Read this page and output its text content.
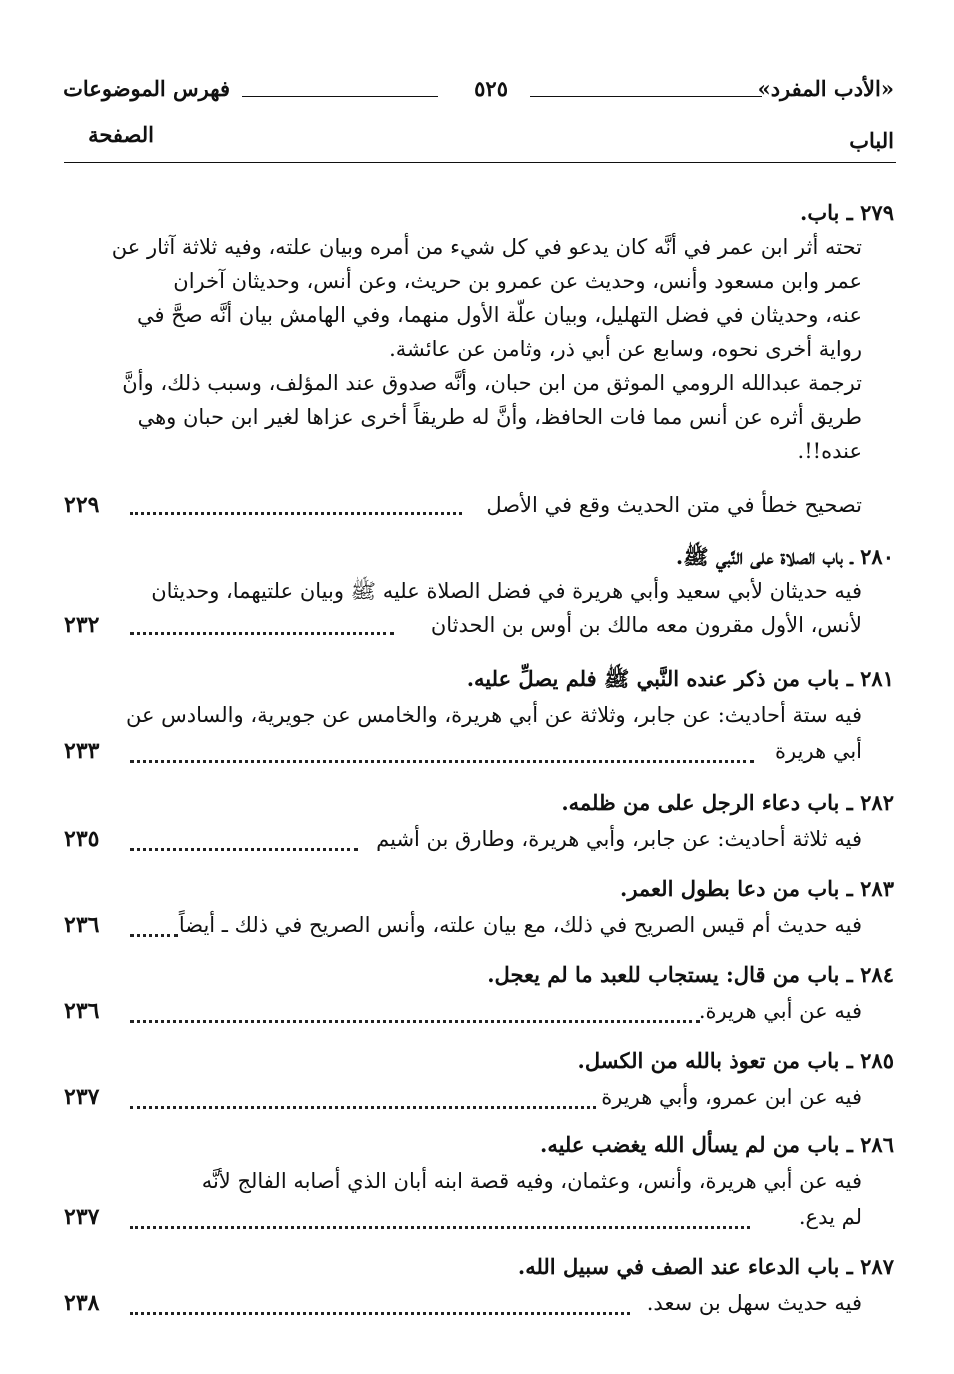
«الأدب المفرد»
٥٢٥
فهرس الموضوعات
الباب
الصفحة
٢٧٩ ـ باب.
تحته أثر ابن عمر في أنَّه كان يدعو في كل شيء من أمره وبيان علته، وفيه ثلاثة آثار عن
عمر وابن مسعود وأنس، وحديث عن عمرو بن حريث، وعن أنس، وحديثان آخران
عنه، وحديثان في فضل التهليل، وبيان علّة الأول منهما، وفي الهامش بيان أنَّه صحَّ في
رواية أخرى نحوه، وسابع عن أبي ذر، وثامن عن عائشة.
ترجمة عبدالله الرومي الموثق من ابن حبان، وأنَّه صدوق عند المؤلف، وسبب ذلك، وأنَّ
طريق أثره عن أنس مما فات الحافظ، وأنَّ له طريقاً أخرى عزاها لغير ابن حبان وهي
عنده!!.
تصحيح خطأ في متن الحديث وقع في الأصل
٢٢٩
٢٨٠ ـ باب الصلاة على النَّبي ﷺ.
فيه حديثان لأبي سعيد وأبي هريرة في فضل الصلاة عليه ﷺ وبيان علتيهما، وحديثان
لأنس، الأول مقرون معه مالك بن أوس بن الحدثان
٢٣٢
٢٨١ ـ باب من ذكر عنده النَّبي ﷺ فلم يصلِّ عليه.
فيه ستة أحاديث: عن جابر، وثلاثة عن أبي هريرة، والخامس عن جويرية، والسادس عن
أبي هريرة
٢٣٣
٢٨٢ ـ باب دعاء الرجل على من ظلمه.
فيه ثلاثة أحاديث: عن جابر، وأبي هريرة، وطارق بن أشيم
٢٣٥
٢٨٣ ـ باب من دعا بطول العمر.
فيه حديث أم قيس الصريح في ذلك، مع بيان علته، وأنس الصريح في ذلك ـ أيضاً
٢٣٦
٢٨٤ ـ باب من قال: يستجاب للعبد ما لم يعجل.
فيه عن أبي هريرة.
٢٣٦
٢٨٥ ـ باب من تعوذ بالله من الكسل.
فيه عن ابن عمرو، وأبي هريرة
٢٣٧
٢٨٦ ـ باب من لم يسأل الله يغضب عليه.
فيه عن أبي هريرة، وأنس، وعثمان، وفيه قصة ابنه أبان الذي أصابه الفالج لأنَّه
لم يدع.
٢٣٧
٢٨٧ ـ باب الدعاء عند الصف في سبيل الله.
فيه حديث سهل بن سعد.
٢٣٨
